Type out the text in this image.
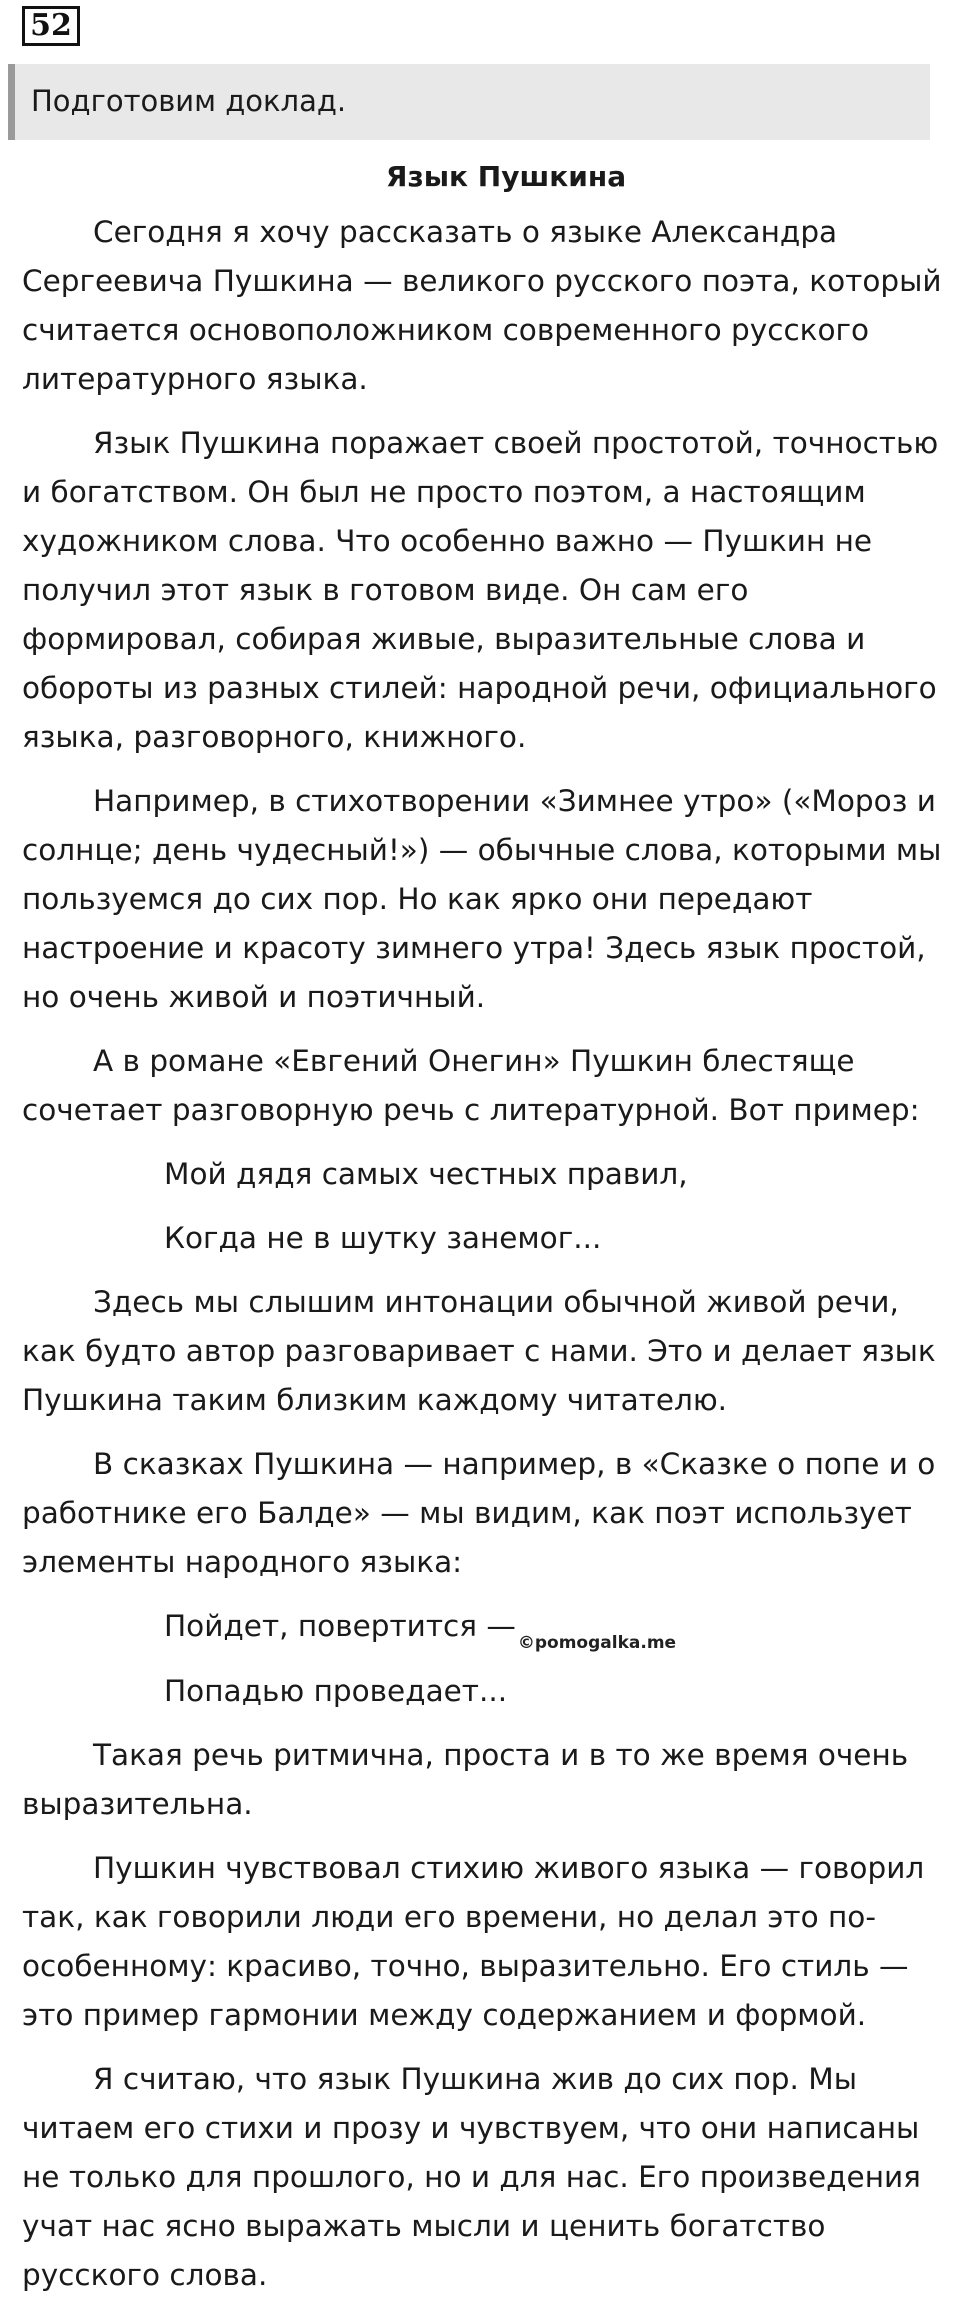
52
Подготовим доклад.
Язык Пушкина

Сегодня я хочу рассказать о языке Александра Сергеевича Пушкина — великого русского поэта, который считается основоположником современного русского литературного языка.

Язык Пушкина поражает своей простотой, точностью и богатством. Он был не просто поэтом, а настоящим художником слова. Что особенно важно — Пушкин не получил этот язык в готовом виде. Он сам его формировал, собирая живые, выразительные слова и обороты из разных стилей: народной речи, официального языка, разговорного, книжного.

Например, в стихотворении «Зимнее утро» («Мороз и солнце; день чудесный!») — обычные слова, которыми мы пользуемся до сих пор. Но как ярко они передают настроение и красоту зимнего утра! Здесь язык простой, но очень живой и поэтичный.

А в романе «Евгений Онегин» Пушкин блестяще сочетает разговорную речь с литературной. Вот пример:

Мой дядя самых честных правил,
Когда не в шутку занемог...

Здесь мы слышим интонации обычной живой речи, как будто автор разговаривает с нами. Это и делает язык Пушкина таким близким каждому читателю.

В сказках Пушкина — например, в «Сказке о попе и о работнике его Балде» — мы видим, как поэт использует элементы народного языка:

Пойдет, повертится — ©pomogalka.me
Попадью проведает...

Такая речь ритмична, проста и в то же время очень выразительна.

Пушкин чувствовал стихию живого языка — говорил так, как говорили люди его времени, но делал это по-особенному: красиво, точно, выразительно. Его стиль — это пример гармонии между содержанием и формой.

Я считаю, что язык Пушкина жив до сих пор. Мы читаем его стихи и прозу и чувствуем, что они написаны не только для прошлого, но и для нас. Его произведения учат нас ясно выражать мысли и ценить богатство русского слова.
